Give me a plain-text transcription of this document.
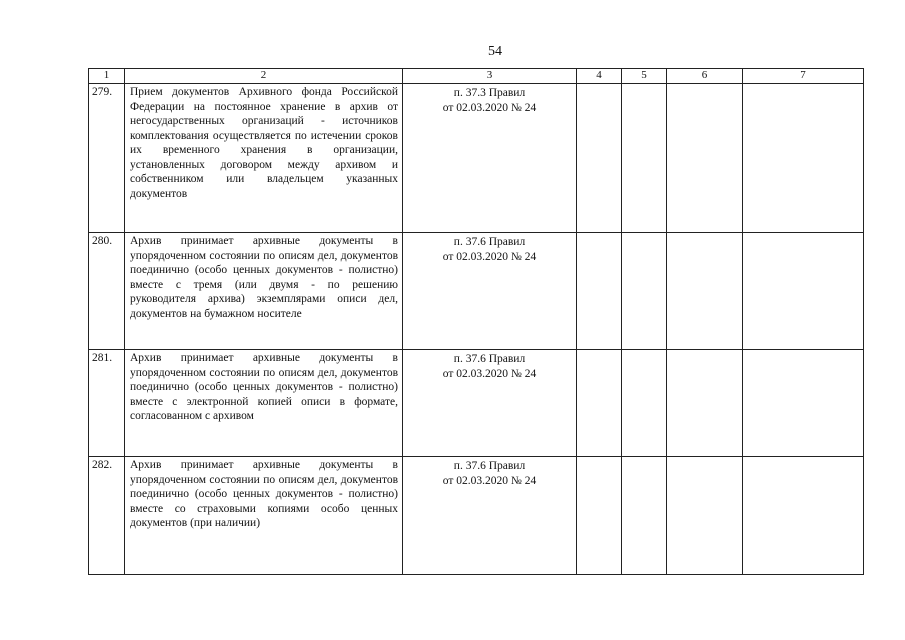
54
1	2	3	4	5	6	7
279.	Прием документов Архивного фонда Российской Федерации на постоянное хранение в архив от негосударственных организаций - источников комплектования осуществляется по истечении сроков их временного хранения в организации, установленных договором между архивом и собственником или владельцем указанных документов	п. 37.3 Правил
от 02.03.2020 № 24				

280.	Архив принимает архивные документы в упорядоченном состоянии по описям дел, документов поединично (особо ценных документов - полистно) вместе с тремя (или двумя - по решению руководителя архива) экземплярами описи дел, документов на бумажном носителе	п. 37.6 Правил
от 02.03.2020 № 24				

281.	Архив принимает архивные документы в упорядоченном состоянии по описям дел, документов поединично (особо ценных документов - полистно) вместе с электронной копией описи в формате, согласованном с архивом	п. 37.6 Правил
от 02.03.2020 № 24				

282.	Архив принимает архивные документы в упорядоченном состоянии по описям дел, документов поединично (особо ценных документов - полистно) вместе со страховыми копиями особо ценных документов (при наличии)	п. 37.6 Правил
от 02.03.2020 № 24				
